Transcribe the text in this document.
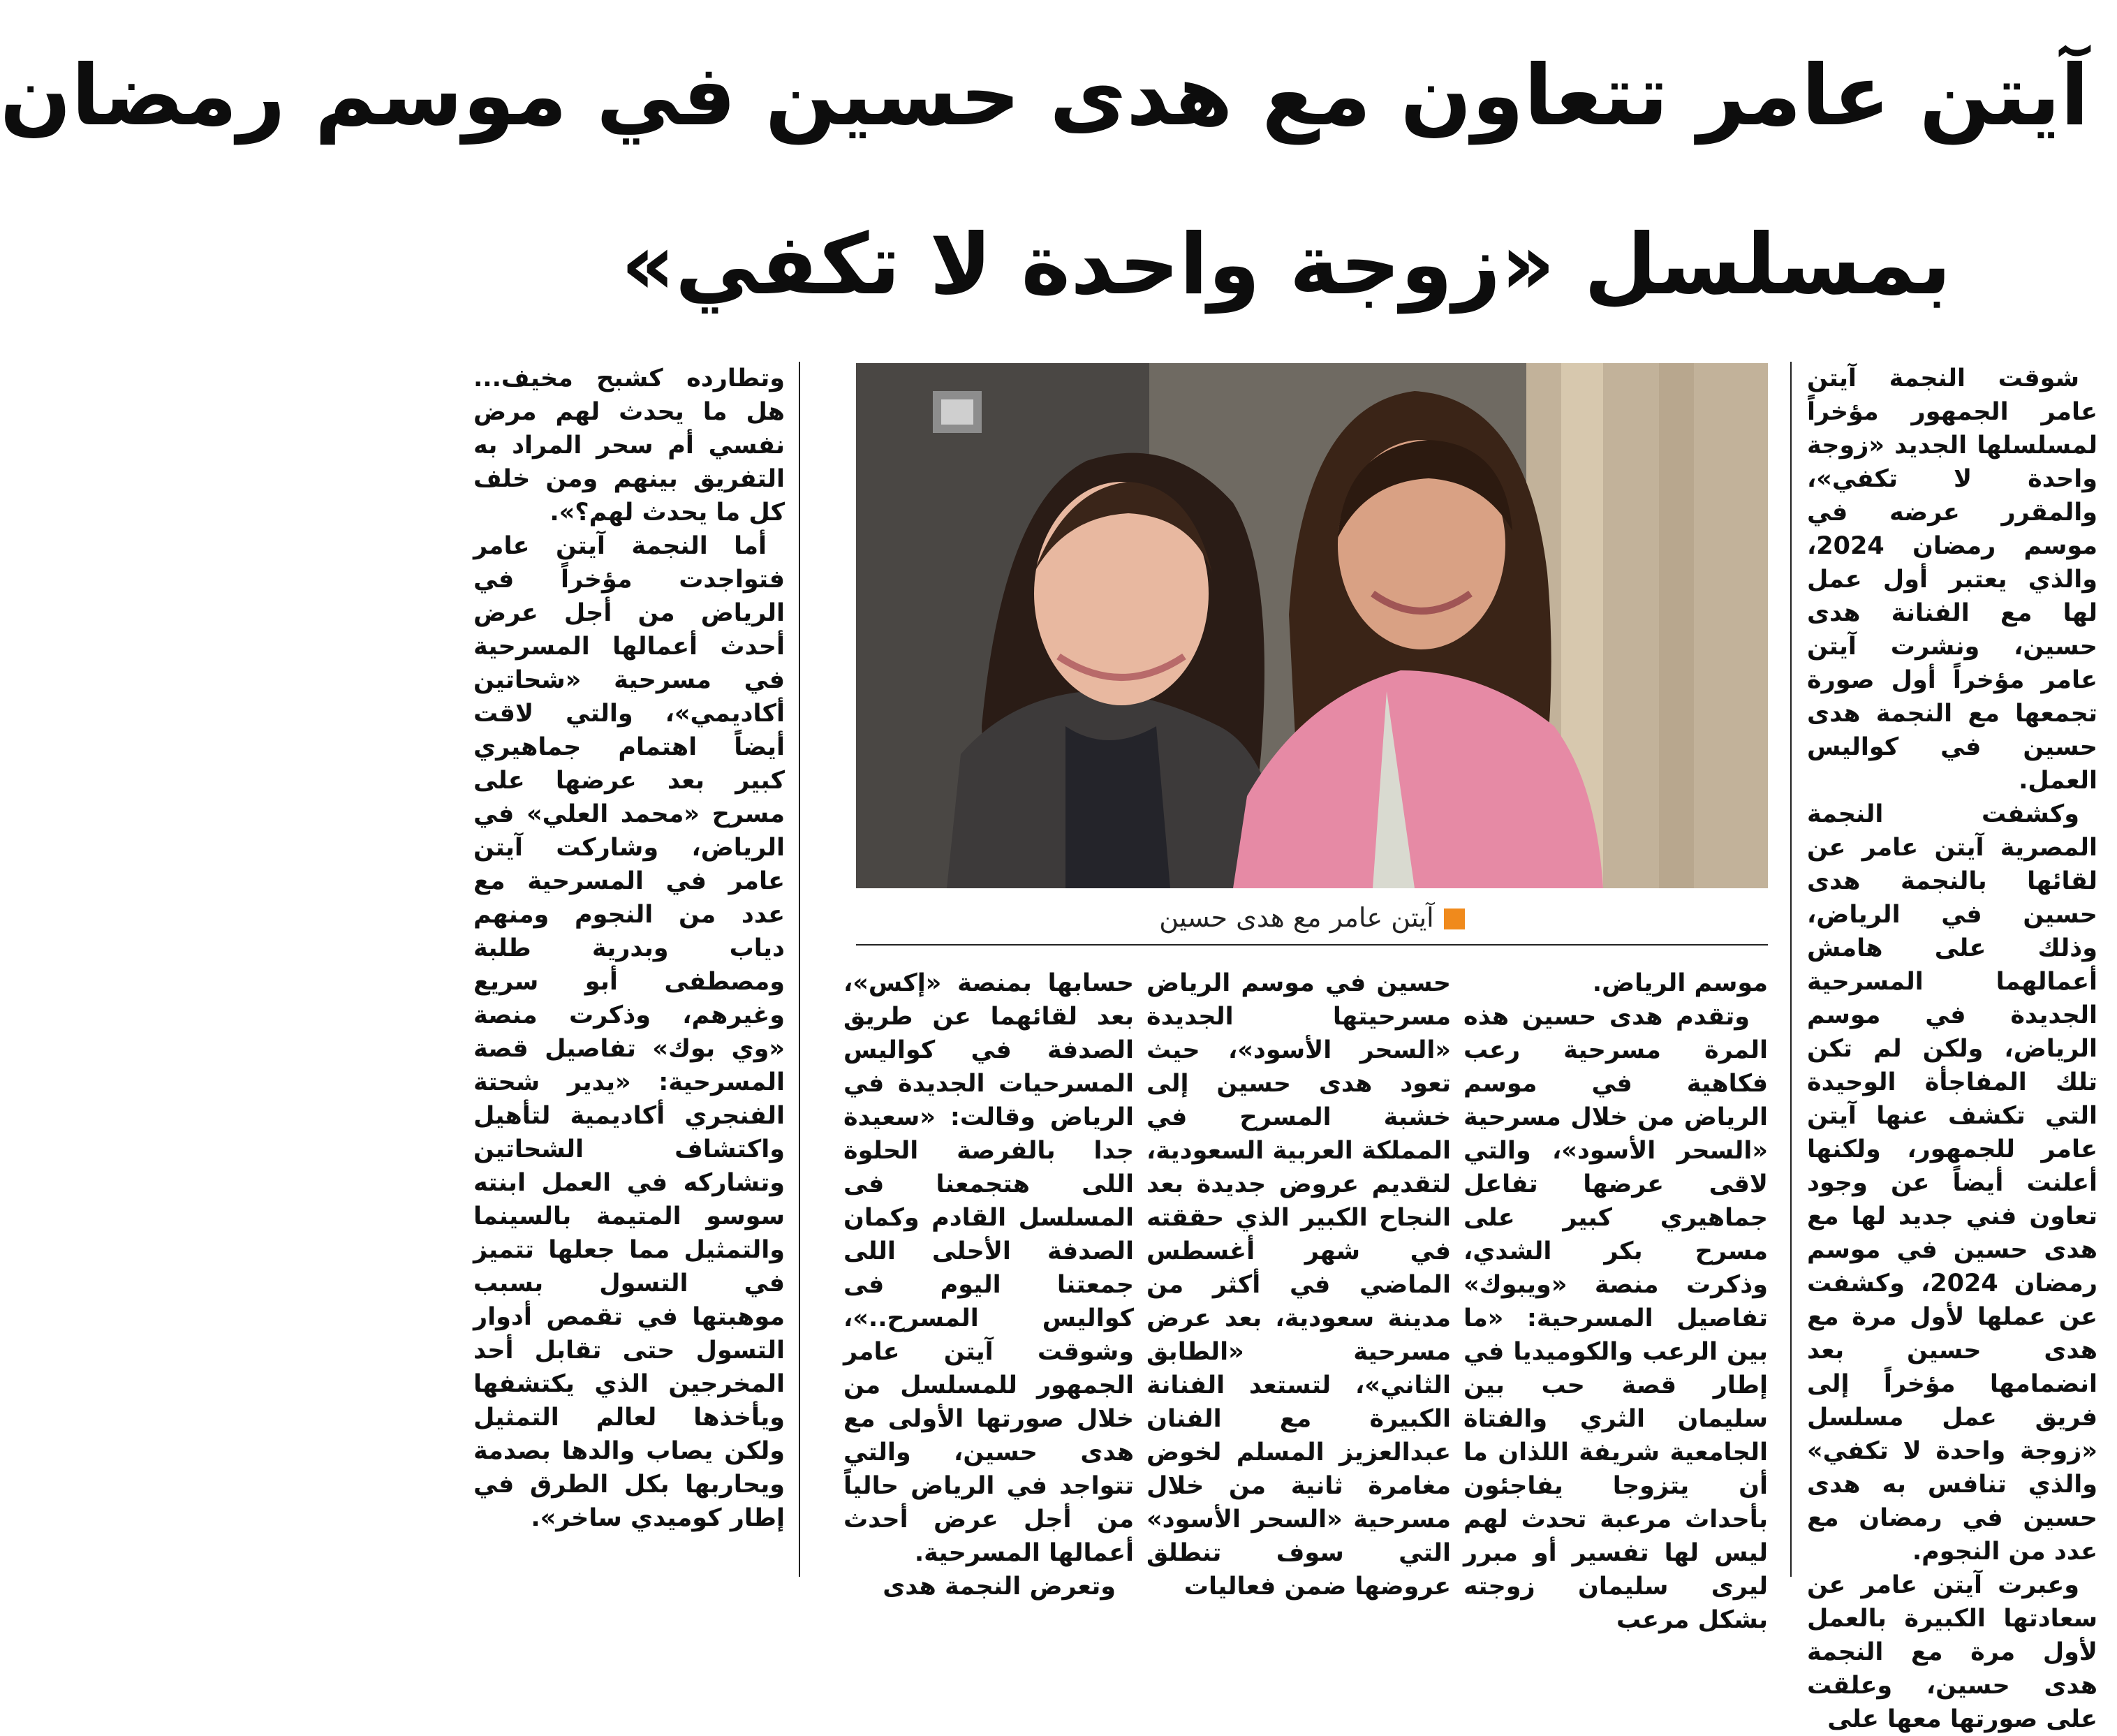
آيتن عامر تتعاون مع هدى حسين في موسم رمضان
بمسلسل «زوجة واحدة لا تكفي»

شوقت النجمة آيتن عامر الجمهور مؤخراً لمسلسلها الجديد «زوجة واحدة لا تكفي»، والمقرر عرضه في موسم رمضان 2024، والذي يعتبر أول عمل لها مع الفنانة هدى حسين، ونشرت آيتن عامر مؤخراً أول صورة تجمعها مع النجمة هدى حسين في كواليس العمل.

وكشفت النجمة المصرية آيتن عامر عن لقائها بالنجمة هدى حسين في الرياض، وذلك على هامش أعمالهما المسرحية الجديدة في موسم الرياض، ولكن لم تكن تلك المفاجأة الوحيدة التي تكشف عنها آيتن عامر للجمهور، ولكنها أعلنت أيضاً عن وجود تعاون فني جديد لها مع هدى حسين في موسم رمضان 2024، وكشفت عن عملها لأول مرة مع هدى حسين بعد انضمامها مؤخراً إلى فريق عمل مسلسل «زوجة واحدة لا تكفي» والذي تنافس به هدى حسين في رمضان مع عدد من النجوم.

وعبرت آيتن عامر عن سعادتها الكبيرة بالعمل لأول مرة مع النجمة هدى حسين، وعلقت على صورتها معها على

آيتن عامر مع هدى حسين

حسابها بمنصة «إكس»، بعد لقائهما عن طريق الصدفة في كواليس المسرحيات الجديدة في الرياض وقالت: «سعيدة جدا بالفرصة الحلوة اللى هتجمعنا فى المسلسل القادم وكمان الصدفة الأحلى اللى جمعتنا اليوم فى كواليس المسرح..»، وشوقت آيتن عامر الجمهور للمسلسل من خلال صورتها الأولى مع هدى حسين، والتي تتواجد في الرياض حالياً من أجل عرض أحدث أعمالها المسرحية.

وتعرض النجمة هدى

حسين في موسم الرياض مسرحيتها الجديدة «السحر الأسود»، حيث تعود هدى حسين إلى خشبة المسرح في المملكة العربية السعودية، لتقديم عروض جديدة بعد النجاح الكبير الذي حققته في شهر أغسطس الماضي في أكثر من مدينة سعودية، بعد عرض مسرحية «الطابق الثاني»، لتستعد الفنانة الكبيرة مع الفنان عبدالعزيز المسلم لخوض مغامرة ثانية من خلال مسرحية «السحر الأسود» التي سوف تنطلق عروضها ضمن فعاليات

موسم الرياض.

وتقدم هدى حسين هذه المرة مسرحية رعب فكاهية في موسم الرياض من خلال مسرحية «السحر الأسود»، والتي لاقى عرضها تفاعل جماهيري كبير على مسرح بكر الشدي، وذكرت منصة «ويبوك» تفاصيل المسرحية: «ما بين الرعب والكوميديا في إطار قصة حب بين سليمان الثري والفتاة الجامعية شريفة اللذان ما أن يتزوجا يفاجئون بأحداث مرعبة تحدث لهم ليس لها تفسير أو مبرر ليرى سليمان زوجته بشكل مرعب

وتطارده كشبح مخيف... هل ما يحدث لهم مرض نفسي أم سحر المراد به التفريق بينهم ومن خلف كل ما يحدث لهم؟».

أما النجمة آيتن عامر فتواجدت مؤخراً في الرياض من أجل عرض أحدث أعمالها المسرحية في مسرحية «شحاتين أكاديمي»، والتي لاقت أيضاً اهتمام جماهيري كبير بعد عرضها على مسرح «محمد العلي» في الرياض، وشاركت آيتن عامر في المسرحية مع عدد من النجوم ومنهم دياب وبدرية طلبة ومصطفى أبو سريع وغيرهم، وذكرت منصة «وي بوك» تفاصيل قصة المسرحية: «يدير شحتة الفنجري أكاديمية لتأهيل واكتشاف الشحاتين وتشاركه في العمل ابنته سوسو المتيمة بالسينما والتمثيل مما جعلها تتميز في التسول بسبب موهبتها في تقمص أدوار التسول حتى تقابل أحد المخرجين الذي يكتشفها ويأخذها لعالم التمثيل ولكن يصاب والدها بصدمة ويحاربها بكل الطرق في إطار كوميدي ساخر».
